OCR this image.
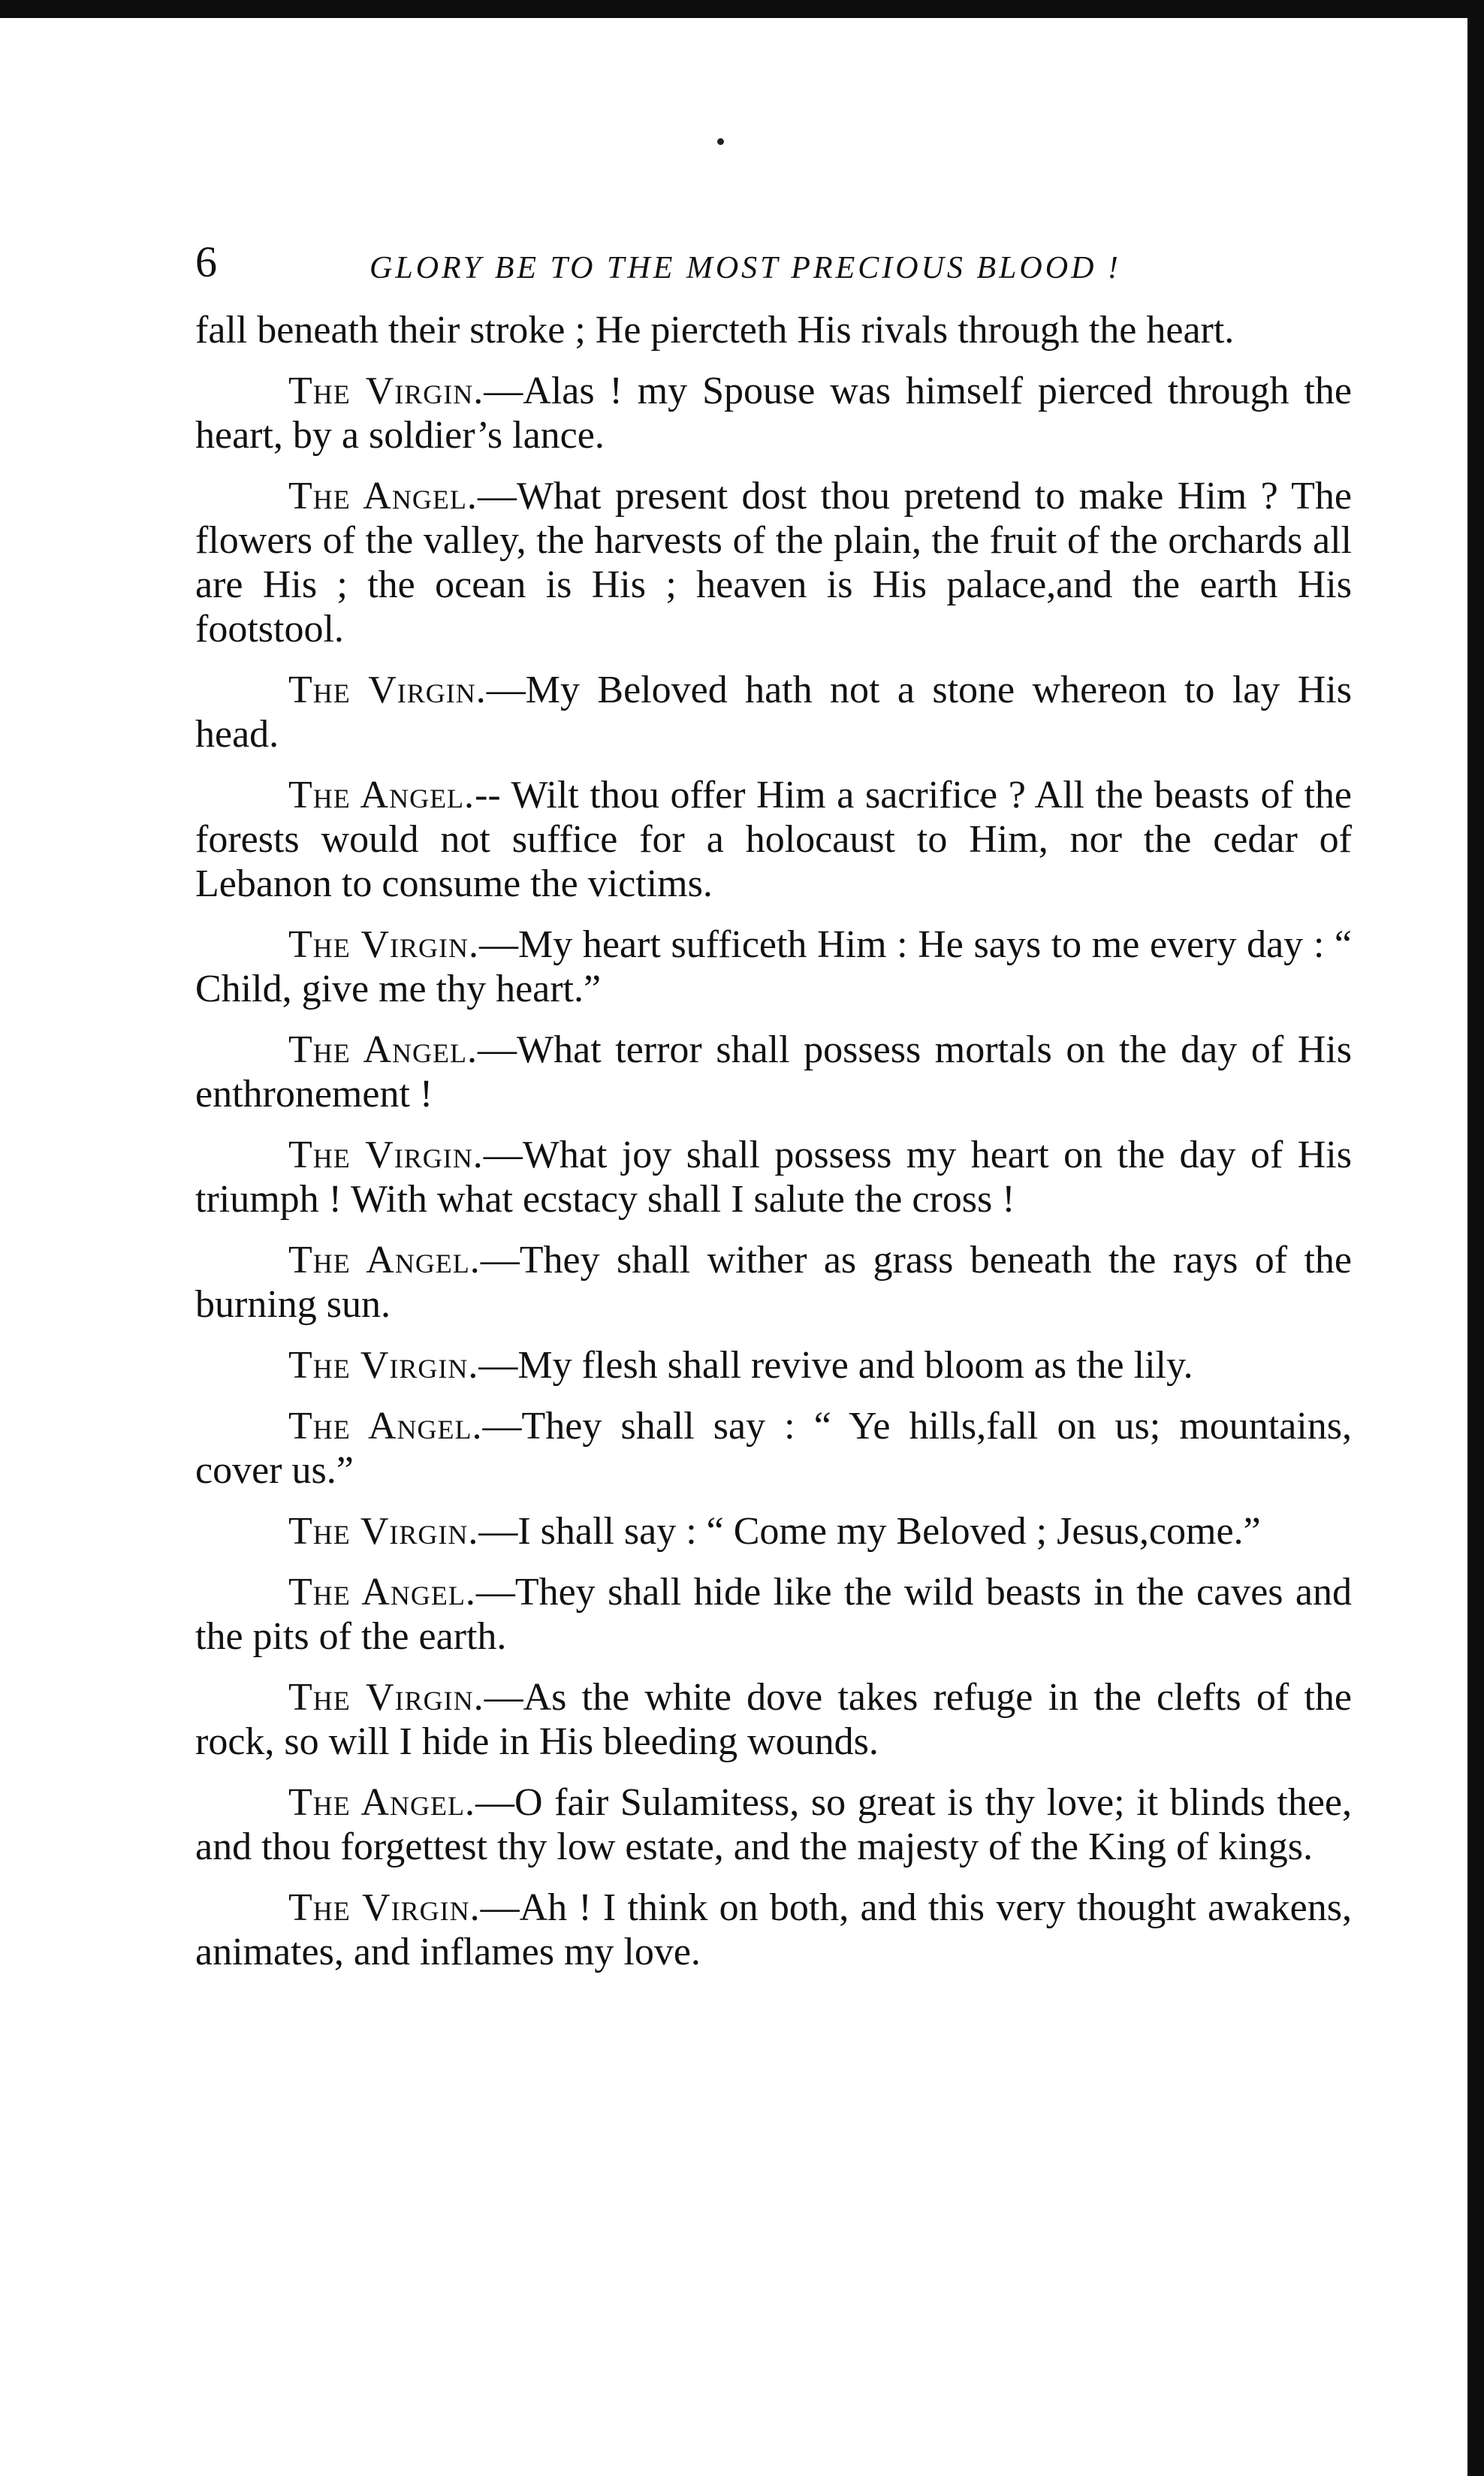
6	GLORY BE TO THE MOST PRECIOUS BLOOD !

fall beneath their stroke ; He piercteth His rivals through the heart.

The Virgin.—Alas ! my Spouse was himself pierced through the heart, by a soldier’s lance.

The Angel.—What present dost thou pretend to make Him ? The flowers of the valley, the harvests of the plain, the fruit of the orchards all are His ; the ocean is His ; heaven is His palace,and the earth His footstool.

The Virgin.—My Beloved hath not a stone whereon to lay His head.

The Angel.-- Wilt thou offer Him a sacrifice ? All the beasts of the forests would not suffice for a holocaust to Him, nor the cedar of Lebanon to consume the victims.

The Virgin.—My heart sufficeth Him : He says to me every day : “ Child, give me thy heart.”

The Angel.—What terror shall possess mortals on the day of His enthronement !

The Virgin.—What joy shall possess my heart on the day of His triumph ! With what ecstacy shall I salute the cross !

The Angel.—They shall wither as grass beneath the rays of the burning sun.

The Virgin.—My flesh shall revive and bloom as the lily.

The Angel.—They shall say : “ Ye hills,fall on us; mountains, cover us.”

The Virgin.—I shall say : “ Come my Beloved ; Jesus,come.”

The Angel.—They shall hide like the wild beasts in the caves and the pits of the earth.

The Virgin.—As the white dove takes refuge in the clefts of the rock, so will I hide in His bleeding wounds.

The Angel.—O fair Sulamitess, so great is thy love; it blinds thee, and thou forgettest thy low estate, and the majesty of the King of kings.

The Virgin.—Ah ! I think on both, and this very thought awakens, animates, and inflames my love.
